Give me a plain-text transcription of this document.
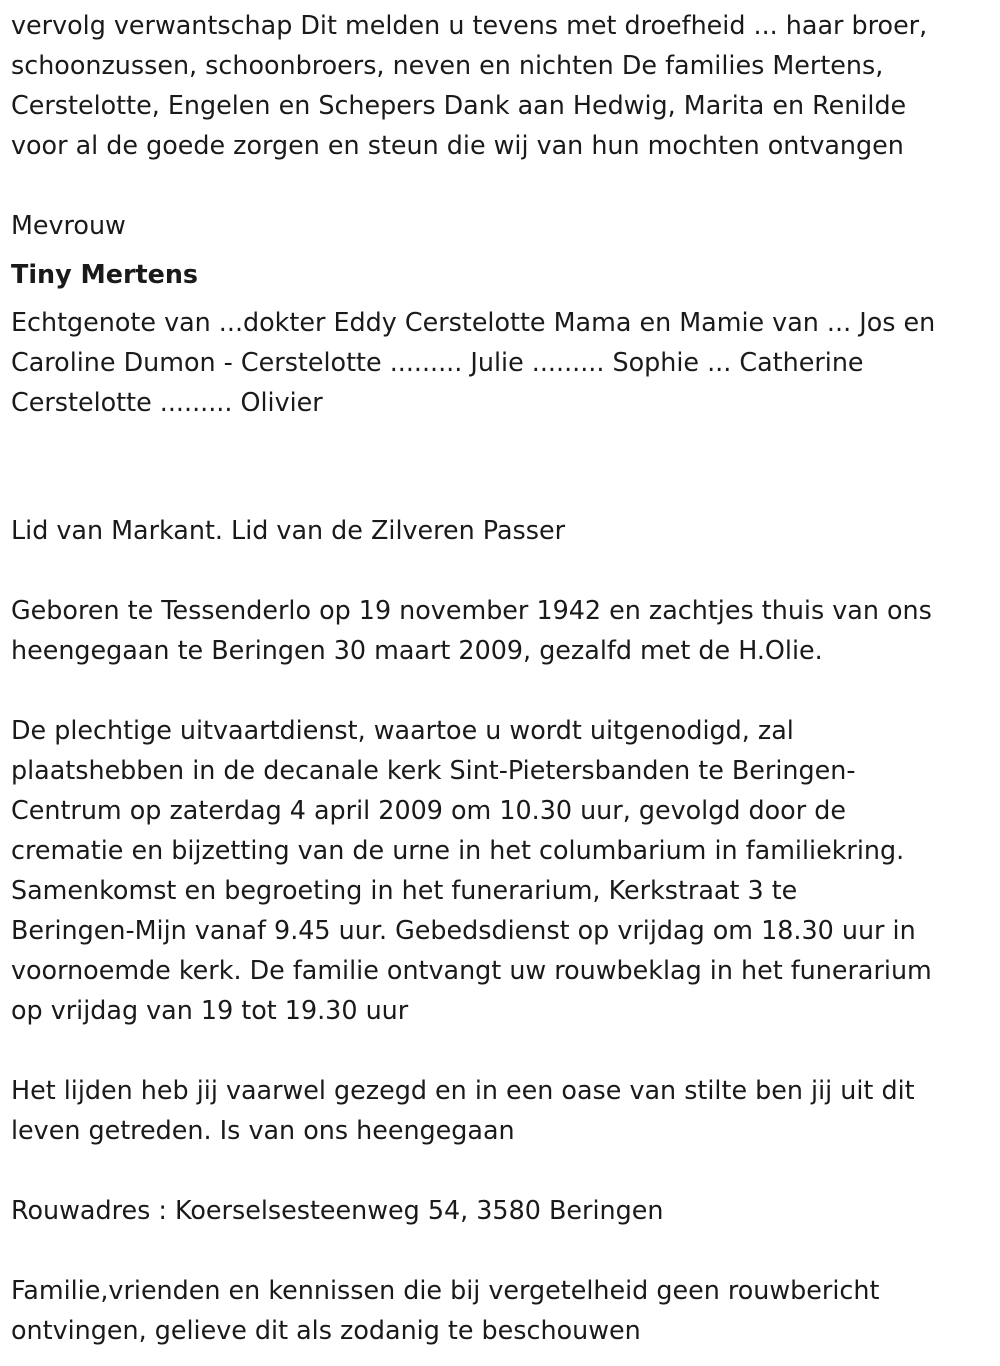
vervolg verwantschap Dit melden u tevens met droefheid ... haar broer,
schoonzussen, schoonbroers, neven en nichten De families Mertens,
Cerstelotte, Engelen en Schepers Dank aan Hedwig, Marita en Renilde
voor al de goede zorgen en steun die wij van hun mochten ontvangen

Mevrouw

Tiny Mertens

Echtgenote van ...dokter Eddy Cerstelotte Mama en Mamie van ... Jos en
Caroline Dumon - Cerstelotte ......... Julie ......... Sophie ... Catherine
Cerstelotte ......... Olivier

Lid van Markant. Lid van de Zilveren Passer

Geboren te Tessenderlo op 19 november 1942 en zachtjes thuis van ons
heengegaan te Beringen 30 maart 2009, gezalfd met de H.Olie.

De plechtige uitvaartdienst, waartoe u wordt uitgenodigd, zal
plaatshebben in de decanale kerk Sint-Pietersbanden te Beringen-
Centrum op zaterdag 4 april 2009 om 10.30 uur, gevolgd door de
crematie en bijzetting van de urne in het columbarium in familiekring.
Samenkomst en begroeting in het funerarium, Kerkstraat 3 te
Beringen-Mijn vanaf 9.45 uur. Gebedsdienst op vrijdag om 18.30 uur in
voornoemde kerk. De familie ontvangt uw rouwbeklag in het funerarium
op vrijdag van 19 tot 19.30 uur

Het lijden heb jij vaarwel gezegd en in een oase van stilte ben jij uit dit
leven getreden. Is van ons heengegaan

Rouwadres : Koerselsesteenweg 54, 3580 Beringen

Familie,vrienden en kennissen die bij vergetelheid geen rouwbericht
ontvingen, gelieve dit als zodanig te beschouwen
